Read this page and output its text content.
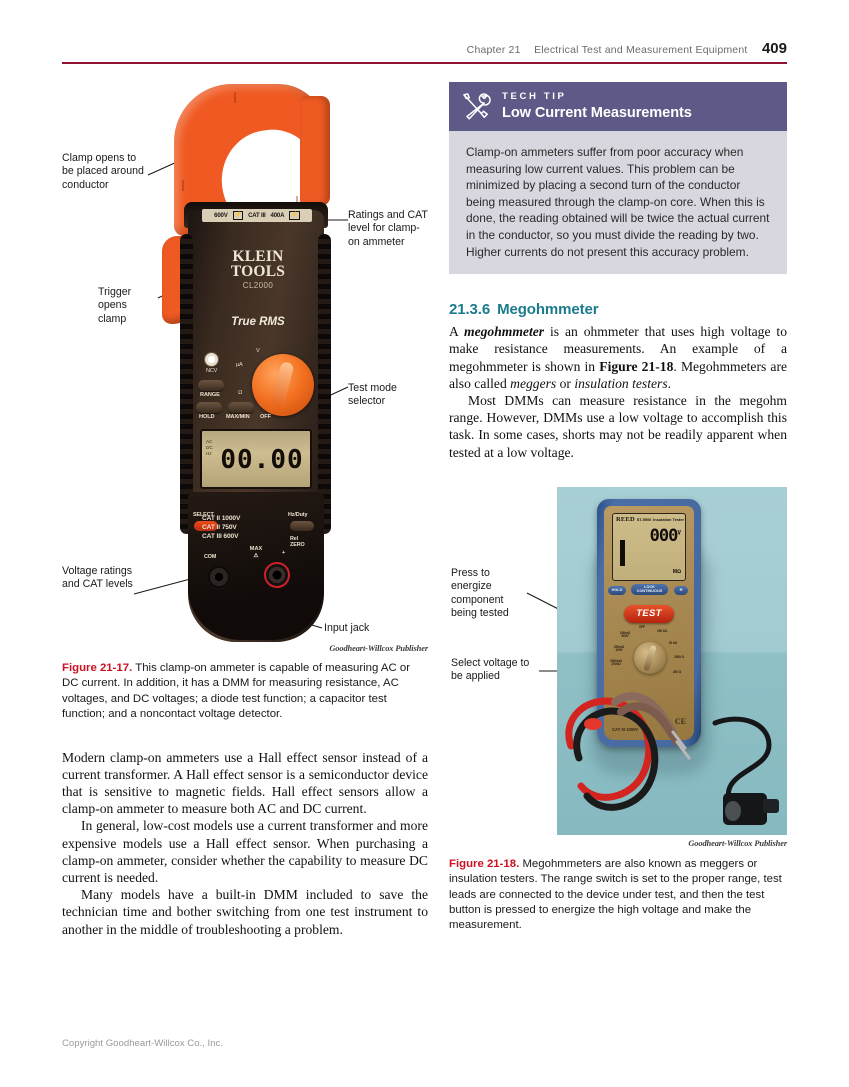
Chapter 21 Electrical Test and Measurement Equipment 409
Clamp opens to be placed around conductor
Ratings and CAT level for clamp-on ammeter
Trigger opens clamp
Test mode selector
Voltage ratings and CAT levels
Input jack
600V	⚡	CAT III 400A	⚡
KLEIN
TOOLS
CL2000
True RMS
NCV
μA
Ω
V
RANGE
HOLD MAX/MIN OFF
AC
DC
Hz 00.00
SELECT	Hz/Duty
Rel ZERO
CAT II 1000V
CAT II 750V
CAT III 600V
MAX
⚠
COM
+
Goodheart-Willcox Publisher
Figure 21-17. This clamp-on ammeter is capable of measuring AC or DC current. In addition, it has a DMM for measuring resistance, AC voltages, and DC voltages; a diode test function; a capacitor test function; and a noncontact voltage detector.

Modern clamp-on ammeters use a Hall effect sensor instead of a current transformer. A Hall effect sensor is a semiconductor device that is sensitive to magnetic fields. Hall effect sensors allow a clamp-on ammeter to measure both AC and DC current.

In general, low-cost models use a current transformer and more expensive models use a Hall effect sensor. When purchasing a clamp-on ammeter, consider whether the capability to measure DC current is needed.

Many models have a built-in DMM included to save the technician time and bother switching from one test instrument to another in the middle of troubleshooting a problem.

TECH TIP
Low Current Measurements

Clamp-on ammeters suffer from poor accuracy when measuring low current values. This problem can be minimized by placing a second turn of the conductor being measured through the clamp-on core. When this is done, the reading obtained will be twice the actual current in the conductor, so you must divide the reading by two. Higher currents do not present this accuracy problem.

21.3.6 Megohmmeter

A megohmmeter is an ohmmeter that uses high voltage to make resistance measurements. An example of a megohmmeter is shown in Figure 21-18. Megohmmeters are also called meggers or insulation testers.

Most DMMs can measure resistance in the megohm range. However, DMMs use a low voltage to accomplish this task. In some cases, shorts may not be readily apparent when tested at a low voltage.

Press to energize component being tested
Select voltage to be applied
REED ST-5500 Insulation Tester
$000^V$
MΩ
HOLD
LOCK CONTINUOUS	☀
TEST
OFF
100mΩ 500V
200mΩ 100V
2000mΩ 2000Ω
200 kΩ
20 kΩ
2000 Ω
200 Ω
CE
CAT III 1000V
Goodheart-Willcox Publisher
Figure 21-18. Megohmmeters are also known as meggers or insulation testers. The range switch is set to the proper range, test leads are connected to the device under test, and then the test button is pressed to energize the high voltage and make the measurement.
Copyright Goodheart-Willcox Co., Inc.
